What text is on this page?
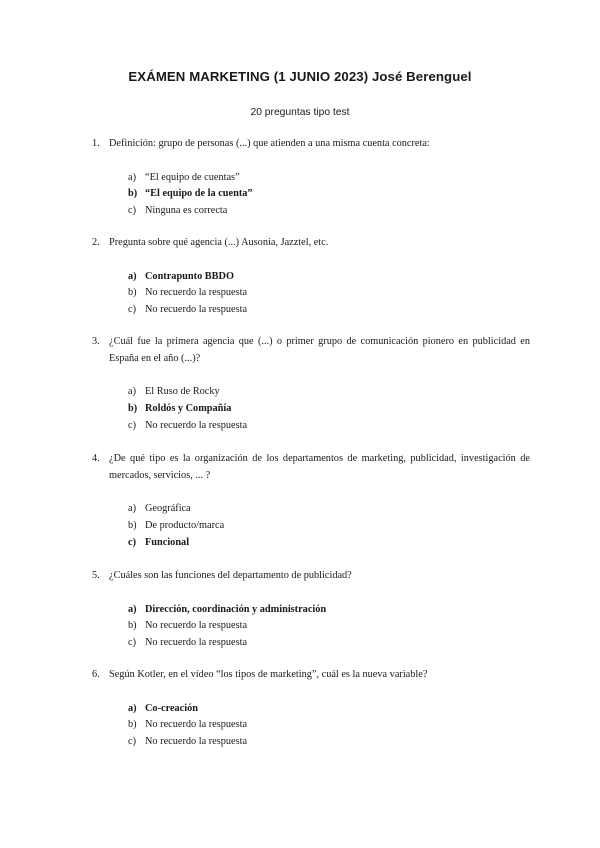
EXÁMEN MARKETING (1 JUNIO 2023) José Berenguel
20 preguntas tipo test
1. Definición: grupo de personas (...) que atienden a una misma cuenta concreta:
a) “El equipo de cuentas”
b) “El equipo de la cuenta”
c) Ninguna es correcta
2. Pregunta sobre qué agencia (...) Ausonia, Jazztel, etc.
a) Contrapunto BBDO
b) No recuerdo la respuesta
c) No recuerdo la respuesta
3. ¿Cuál fue la primera agencia que (...) o primer grupo de comunicación pionero en publicidad en España en el año (...)?
a) El Ruso de Rocky
b) Roldós y Compañía
c) No recuerdo la respuesta
4. ¿De qué tipo es la organización de los departamentos de marketing, publicidad, investigación de mercados, servicios, ... ?
a) Geográfica
b) De producto/marca
c) Funcional
5. ¿Cuáles son las funciones del departamento de publicidad?
a) Dirección, coordinación y administración
b) No recuerdo la respuesta
c) No recuerdo la respuesta
6. Según Kotler, en el vídeo “los tipos de marketing”, cuál es la nueva variable?
a) Co-creación
b) No recuerdo la respuesta
c) No recuerdo la respuesta
